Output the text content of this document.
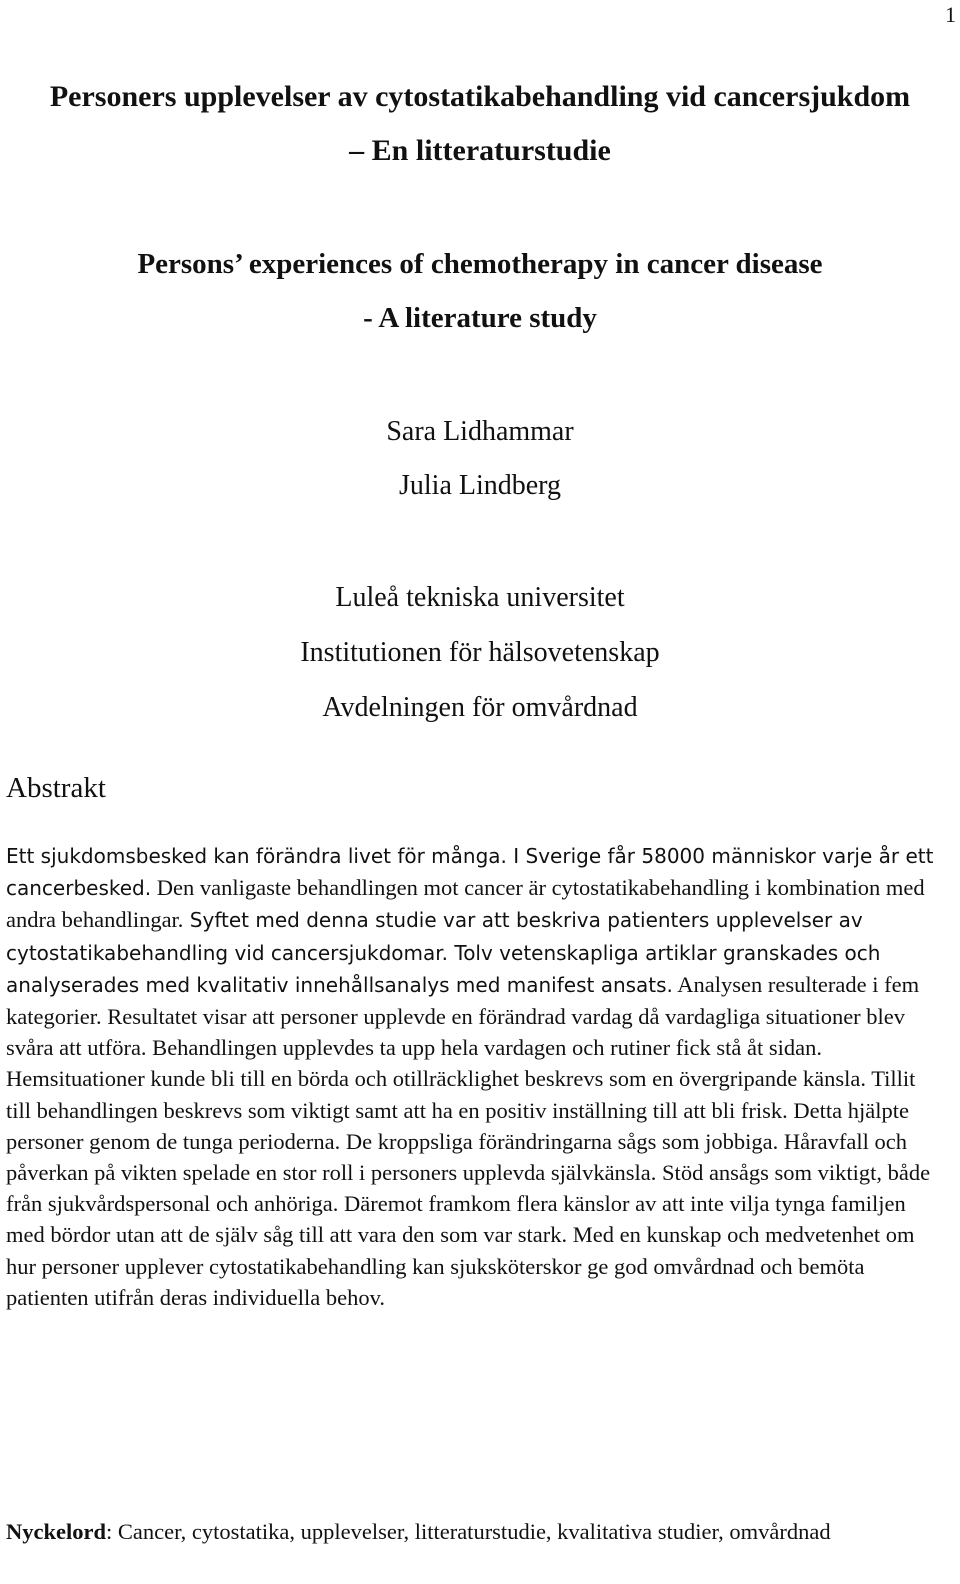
1
Personers upplevelser av cytostatikabehandling vid cancersjukdom
– En litteraturstudie
Persons’ experiences of chemotherapy in cancer disease
- A literature study
Sara Lidhammar
Julia Lindberg
Luleå tekniska universitet
Institutionen för hälsovetenskap
Avdelningen för omvårdnad
Abstrakt
Ett sjukdomsbesked kan förändra livet för många. I Sverige får 58000 människor varje år ett cancerbesked. Den vanligaste behandlingen mot cancer är cytostatikabehandling i kombination med andra behandlingar. Syftet med denna studie var att beskriva patienters upplevelser av cytostatikabehandling vid cancersjukdomar. Tolv vetenskapliga artiklar granskades och analyserades med kvalitativ innehållsanalys med manifest ansats. Analysen resulterade i fem kategorier. Resultatet visar att personer upplevde en förändrad vardag då vardagliga situationer blev svåra att utföra. Behandlingen upplevdes ta upp hela vardagen och rutiner fick stå åt sidan. Hemsituationer kunde bli till en börda och otillräcklighet beskrevs som en övergripande känsla. Tillit till behandlingen beskrevs som viktigt samt att ha en positiv inställning till att bli frisk. Detta hjälpte personer genom de tunga perioderna. De kroppsliga förändringarna sågs som jobbiga. Håravfall och påverkan på vikten spelade en stor roll i personers upplevda självkänsla. Stöd ansågs som viktigt, både från sjukvårdspersonal och anhöriga. Däremot framkom flera känslor av att inte vilja tynga familjen med bördor utan att de själv såg till att vara den som var stark. Med en kunskap och medvetenhet om hur personer upplever cytostatikabehandling kan sjuksköterskor ge god omvårdnad och bemöta patienten utifrån deras individuella behov.
Nyckelord: Cancer, cytostatika, upplevelser, litteraturstudie, kvalitativa studier, omvårdnad
